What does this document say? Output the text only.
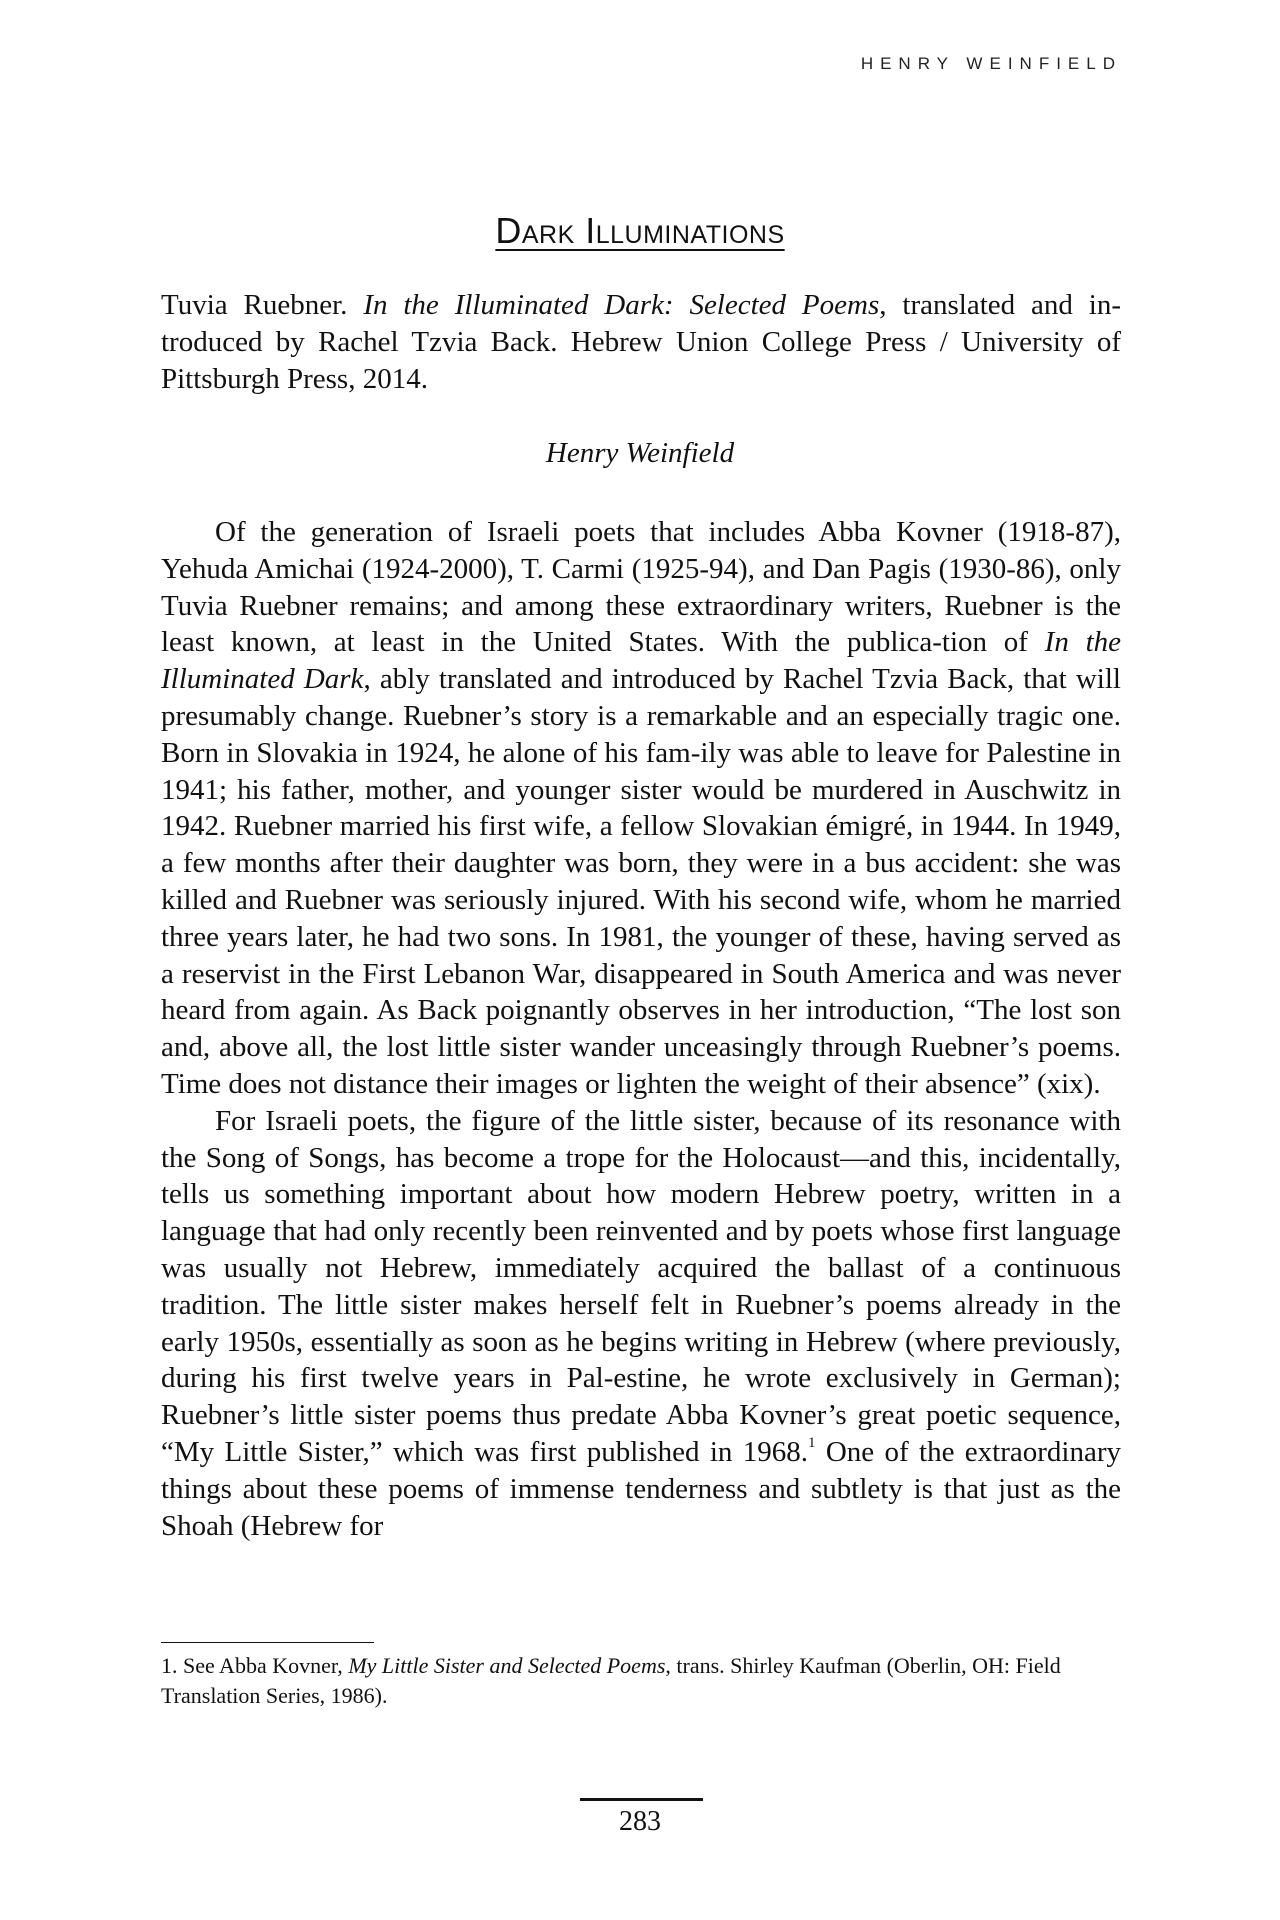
HENRY WEINFIELD
Dark Illuminations

Tuvia Ruebner. In the Illuminated Dark: Selected Poems, translated and in-troduced by Rachel Tzvia Back. Hebrew Union College Press / University of Pittsburgh Press, 2014.

Henry Weinfield

Of the generation of Israeli poets that includes Abba Kovner (1918-87), Yehuda Amichai (1924-2000), T. Carmi (1925-94), and Dan Pagis (1930-86), only Tuvia Ruebner remains; and among these extraordinary writers, Ruebner is the least known, at least in the United States. With the publica-tion of In the Illuminated Dark, ably translated and introduced by Rachel Tzvia Back, that will presumably change. Ruebner’s story is a remarkable and an especially tragic one. Born in Slovakia in 1924, he alone of his fam-ily was able to leave for Palestine in 1941; his father, mother, and younger sister would be murdered in Auschwitz in 1942. Ruebner married his first wife, a fellow Slovakian émigré, in 1944. In 1949, a few months after their daughter was born, they were in a bus accident: she was killed and Ruebner was seriously injured. With his second wife, whom he married three years later, he had two sons. In 1981, the younger of these, having served as a reservist in the First Lebanon War, disappeared in South America and was never heard from again. As Back poignantly observes in her introduction, “The lost son and, above all, the lost little sister wander unceasingly through Ruebner’s poems. Time does not distance their images or lighten the weight of their absence” (xix).

For Israeli poets, the figure of the little sister, because of its resonance with the Song of Songs, has become a trope for the Holocaust—and this, incidentally, tells us something important about how modern Hebrew poetry, written in a language that had only recently been reinvented and by poets whose first language was usually not Hebrew, immediately acquired the ballast of a continuous tradition. The little sister makes herself felt in Ruebner’s poems already in the early 1950s, essentially as soon as he begins writing in Hebrew (where previously, during his first twelve years in Pal-estine, he wrote exclusively in German); Ruebner’s little sister poems thus predate Abba Kovner’s great poetic sequence, “My Little Sister,” which was first published in 1968.$^1$ One of the extraordinary things about these poems of immense tenderness and subtlety is that just as the Shoah (Hebrew for

1. See Abba Kovner, My Little Sister and Selected Poems, trans. Shirley Kaufman (Oberlin, OH: Field Translation Series, 1986).

283
